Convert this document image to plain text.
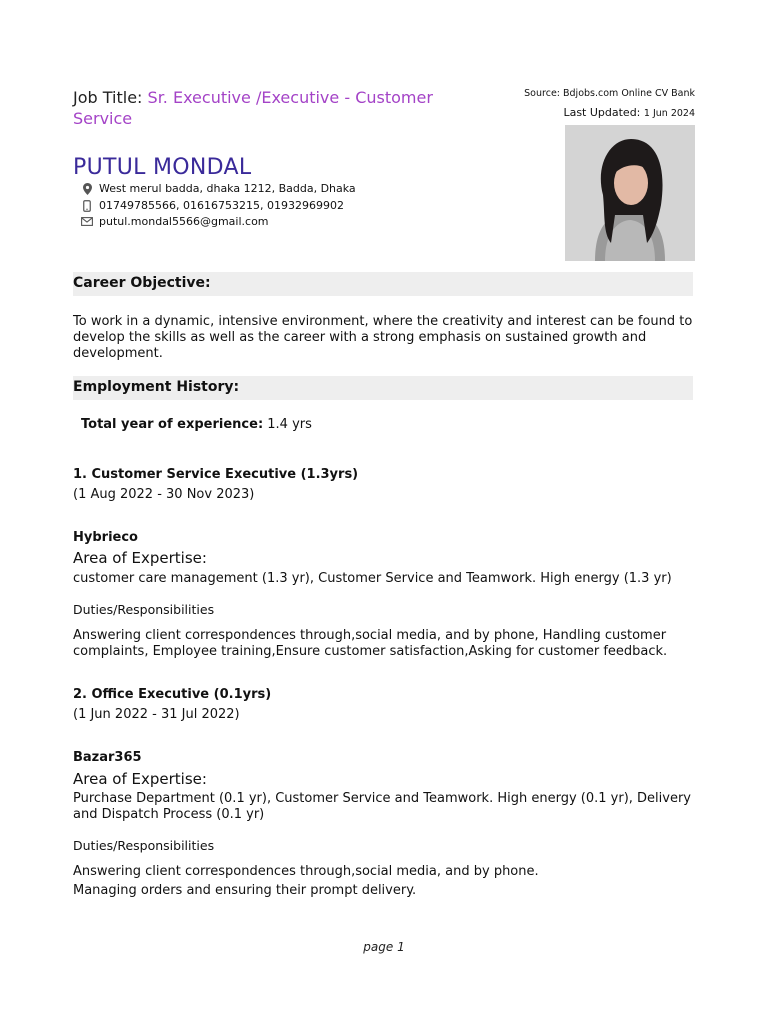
Job Title: Sr. Executive /Executive - Customer Service
Source: Bdjobs.com Online CV Bank
Last Updated: 1 Jun 2024
PUTUL MONDAL
West merul badda, dhaka 1212, Badda, Dhaka
01749785566, 01616753215, 01932969902
putul.mondal5566@gmail.com
Career Objective:
To work in a dynamic, intensive environment, where the creativity and interest can be found to develop the skills as well as the career with a strong emphasis on sustained growth and development.
Employment History:
Total year of experience: 1.4 yrs
1. Customer Service Executive (1.3yrs)
(1 Aug 2022 - 30 Nov 2023)
Hybrieco
Area of Expertise:
customer care management (1.3 yr), Customer Service and Teamwork. High energy (1.3 yr)
Duties/Responsibilities
Answering client correspondences through,social media, and by phone, Handling customer complaints, Employee training,Ensure customer satisfaction,Asking for customer feedback.
2. Office Executive (0.1yrs)
(1 Jun 2022 - 31 Jul 2022)
Bazar365
Area of Expertise:
Purchase Department (0.1 yr), Customer Service and Teamwork. High energy (0.1 yr), Delivery and Dispatch Process (0.1 yr)
Duties/Responsibilities
Answering client correspondences through,social media, and by phone.
Managing orders and ensuring their prompt delivery.
page 1
